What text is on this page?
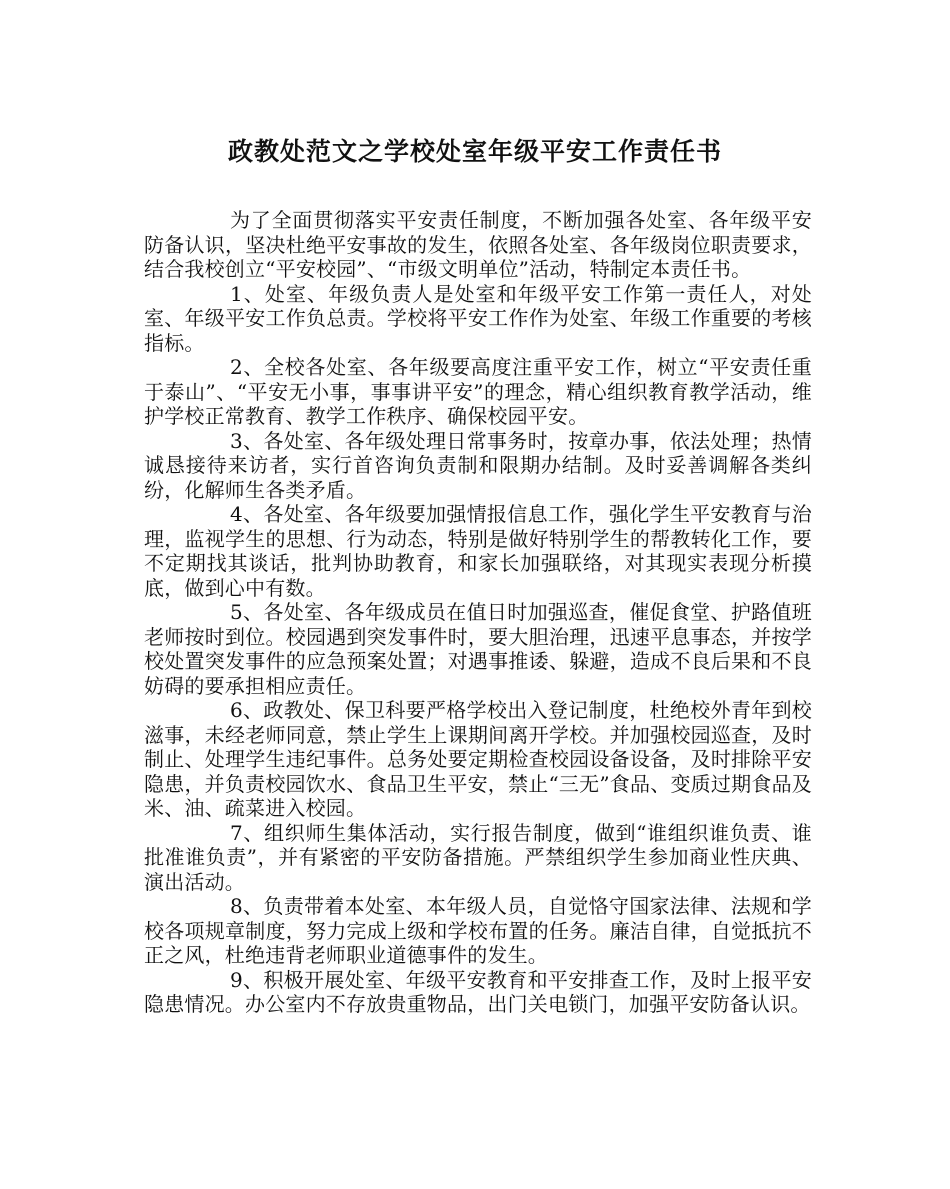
政教处范文之学校处室年级平安工作责任书

为了全面贯彻落实平安责任制度，不断加强各处室、各年级平安防备认识，坚决杜绝平安事故的发生，依照各处室、各年级岗位职责要求，结合我校创立“平安校园”、“市级文明单位”活动，特制定本责任书。

1、处室、年级负责人是处室和年级平安工作第一责任人，对处室、年级平安工作负总责。学校将平安工作作为处室、年级工作重要的考核指标。

2、全校各处室、各年级要高度注重平安工作，树立“平安责任重于泰山”、“平安无小事，事事讲平安”的理念，精心组织教育教学活动，维护学校正常教育、教学工作秩序、确保校园平安。

3、各处室、各年级处理日常事务时，按章办事，依法处理；热情诚恳接待来访者，实行首咨询负责制和限期办结制。及时妥善调解各类纠纷，化解师生各类矛盾。

4、各处室、各年级要加强情报信息工作，强化学生平安教育与治理，监视学生的思想、行为动态，特别是做好特别学生的帮教转化工作，要不定期找其谈话，批判协助教育，和家长加强联络，对其现实表现分析摸底，做到心中有数。

5、各处室、各年级成员在值日时加强巡查，催促食堂、护路值班老师按时到位。校园遇到突发事件时，要大胆治理，迅速平息事态，并按学校处置突发事件的应急预案处置；对遇事推诿、躲避，造成不良后果和不良妨碍的要承担相应责任。

6、政教处、保卫科要严格学校出入登记制度，杜绝校外青年到校滋事，未经老师同意，禁止学生上课期间离开学校。并加强校园巡查，及时制止、处理学生违纪事件。总务处要定期检查校园设备设备，及时排除平安隐患，并负责校园饮水、食品卫生平安，禁止“三无”食品、变质过期食品及米、油、疏菜进入校园。

7、组织师生集体活动，实行报告制度，做到“谁组织谁负责、谁批准谁负责”，并有紧密的平安防备措施。严禁组织学生参加商业性庆典、演出活动。

8、负责带着本处室、本年级人员，自觉恪守国家法律、法规和学校各项规章制度，努力完成上级和学校布置的任务。廉洁自律，自觉抵抗不正之风，杜绝违背老师职业道德事件的发生。

9、积极开展处室、年级平安教育和平安排查工作，及时上报平安隐患情况。办公室内不存放贵重物品，出门关电锁门，加强平安防备认识。
